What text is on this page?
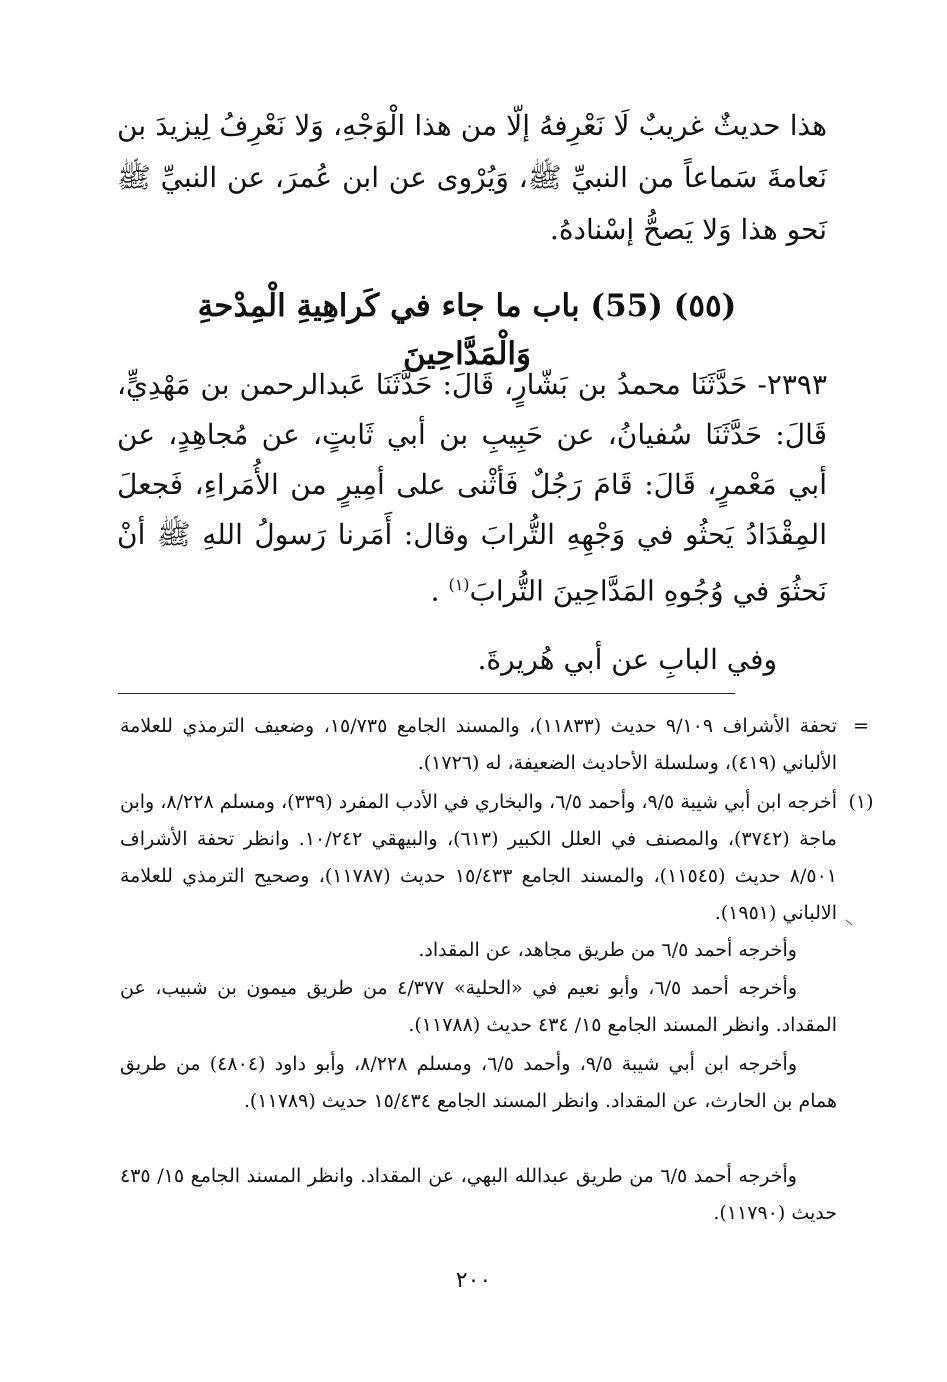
هذا حديثٌ غريبٌ لَا نَعْرِفهُ إلّا من هذا الْوَجْهِ، وَلا نَعْرِفُ لِيزيدَ بن نَعامةَ سَماعاً من النبيِّ ﷺ، وَيُرْوى عن ابن عُمرَ، عن النبيِّ ﷺ نَحو هذا وَلا يَصحُّ إسْنادهُ.

(٥٥) (55) باب ما جاء في كَراهِيةِ الْمِدْحةِ وَالْمَدَّاحِينَ

٢٣٩٣- حَدَّثَنَا محمدُ بن بَشّارٍ، قَالَ: حَدَّثَنَا عَبدالرحمن بن مَهْدِيٍّ، قَالَ: حَدَّثَنَا سُفيانُ، عن حَبِيبِ بن أبي ثَابتٍ، عن مُجاهِدٍ، عن أبي مَعْمرٍ، قَالَ: قَامَ رَجُلٌ فَأثْنى على أمِيرٍ من الأُمَراءِ، فَجعلَ المِقْدَادُ يَحثُو في وَجْهِهِ التُّرابَ وقال: أَمَرنا رَسولُ اللهِ ﷺ أنْ نَحثُوَ في وُجُوهِ المَدَّاحِينَ التُّرابَ$^{(١)}$ .

وفي البابِ عن أبي هُريرةَ.

=
تحفة الأشراف ٩/١٠٩ حديث (١١٨٣٣)، والمسند الجامع ١٥/٧٣٥، وضعيف الترمذي للعلامة الألباني (٤١٩)، وسلسلة الأحاديث الضعيفة، له (١٧٢٦).
(١)
أخرجه ابن أبي شيبة ٩/٥، وأحمد ٦/٥، والبخاري في الأدب المفرد (٣٣٩)، ومسلم ٨/٢٢٨، وابن ماجة (٣٧٤٢)، والمصنف في العلل الكبير (٦١٣)، والبيهقي ١٠/٢٤٢. وانظر تحفة الأشراف ٨/٥٠١ حديث (١١٥٤٥)، والمسند الجامع ١٥/٤٣٣ حديث (١١٧٨٧)، وصحيح الترمذي للعلامة الالباني (١٩٥١).
وأخرجه أحمد ٦/٥ من طريق مجاهد، عن المقداد.
وأخرجه أحمد ٦/٥، وأبو نعيم في «الحلية» ٤/٣٧٧ من طريق ميمون بن شبيب، عن المقداد. وانظر المسند الجامع ١٥/ ٤٣٤ حديث (١١٧٨٨).
وأخرجه ابن أبي شيبة ٩/٥، وأحمد ٦/٥، ومسلم ٨/٢٢٨، وأبو داود (٤٨٠٤) من طريق همام بن الحارث، عن المقداد. وانظر المسند الجامع ١٥/٤٣٤ حديث (١١٧٨٩).
وأخرجه أحمد ٦/٥ من طريق عبدالله البهي، عن المقداد. وانظر المسند الجامع ١٥/ ٤٣٥ حديث (١١٧٩٠).
٢٠٠
